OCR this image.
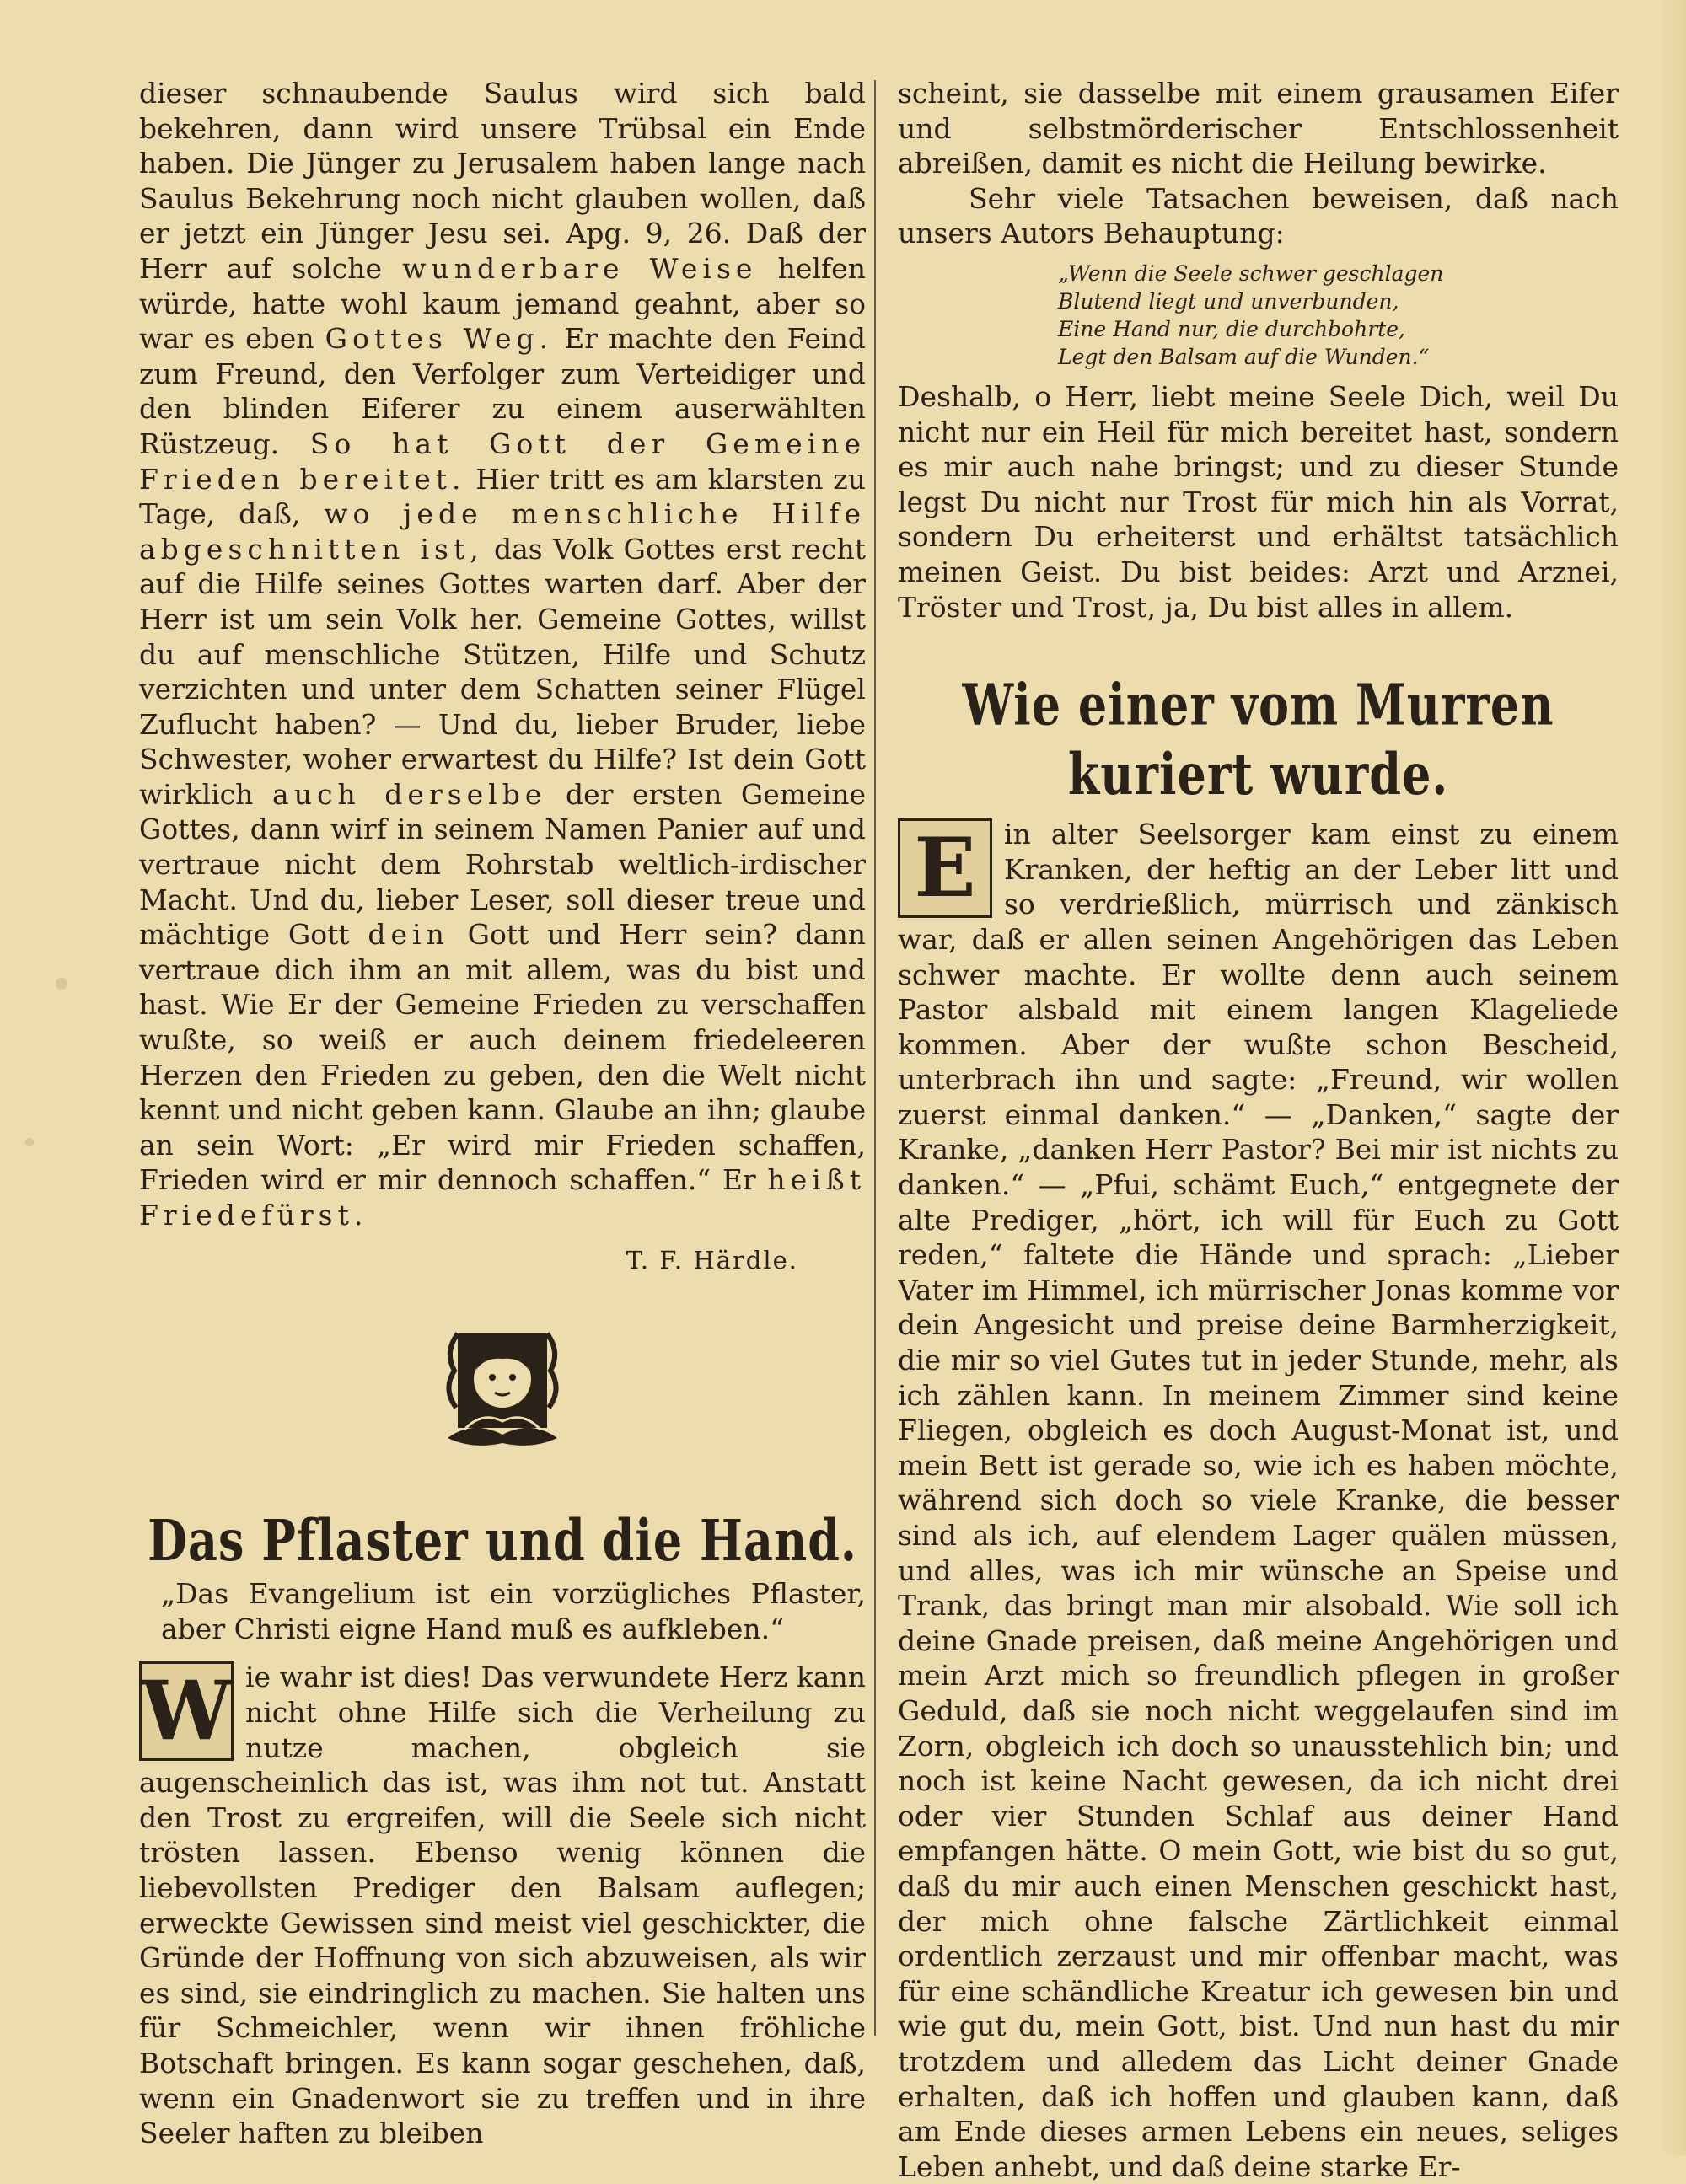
dieser schnaubende Saulus wird sich bald bekehren, dann wird unsere Trübsal ein Ende haben. Die Jünger zu Jerusalem haben lange nach Saulus Bekehrung noch nicht glauben wollen, daß er jetzt ein Jünger Jesu sei. Apg. 9, 26. Daß der Herr auf solche wunderbare Weise helfen würde, hatte wohl kaum jemand geahnt, aber so war es eben Gottes Weg. Er machte den Feind zum Freund, den Verfolger zum Verteidiger und den blinden Eiferer zu einem auserwählten Rüstzeug. So hat Gott der Gemeine Frieden bereitet. Hier tritt es am klarsten zu Tage, daß, wo jede menschliche Hilfe abgeschnitten ist, das Volk Gottes erst recht auf die Hilfe seines Gottes warten darf. Aber der Herr ist um sein Volk her. Gemeine Gottes, willst du auf menschliche Stützen, Hilfe und Schutz verzichten und unter dem Schatten seiner Flügel Zuflucht haben? — Und du, lieber Bruder, liebe Schwester, woher erwartest du Hilfe? Ist dein Gott wirklich auch derselbe der ersten Gemeine Gottes, dann wirf in seinem Namen Panier auf und vertraue nicht dem Rohrstab weltlich-irdischer Macht. Und du, lieber Leser, soll dieser treue und mächtige Gott dein Gott und Herr sein? dann vertraue dich ihm an mit allem, was du bist und hast. Wie Er der Gemeine Frieden zu verschaffen wußte, so weiß er auch deinem friedeleeren Herzen den Frieden zu geben, den die Welt nicht kennt und nicht geben kann. Glaube an ihn; glaube an sein Wort: „Er wird mir Frieden schaffen, Frieden wird er mir dennoch schaffen.“ Er heißt Friedefürst.

T. F. Härdle.

Das Pflaster und die Hand.

„Das Evangelium ist ein vorzügliches Pflaster, aber Christi eigne Hand muß es aufkleben.“

W ie wahr ist dies! Das verwundete Herz kann nicht ohne Hilfe sich die Verheilung zu nutze machen, obgleich sie augenscheinlich das ist, was ihm not tut. Anstatt den Trost zu ergreifen, will die Seele sich nicht trösten lassen. Ebenso wenig können die liebevollsten Prediger den Balsam auflegen; erweckte Gewissen sind meist viel geschickter, die Gründe der Hoffnung von sich abzuweisen, als wir es sind, sie eindringlich zu machen. Sie halten uns für Schmeichler, wenn wir ihnen fröhliche Botschaft bringen. Es kann sogar geschehen, daß, wenn ein Gnadenwort sie zu treffen und in ihre Seeler haften zu bleiben

scheint, sie dasselbe mit einem grausamen Eifer und selbstmörderischer Entschlossenheit abreißen, damit es nicht die Heilung bewirke.

Sehr viele Tatsachen beweisen, daß nach unsers Autors Behauptung:

„Wenn die Seele schwer geschlagen
Blutend liegt und unverbunden,
Eine Hand nur, die durchbohrte,
Legt den Balsam auf die Wunden.“

Deshalb, o Herr, liebt meine Seele Dich, weil Du nicht nur ein Heil für mich bereitet hast, sondern es mir auch nahe bringst; und zu dieser Stunde legst Du nicht nur Trost für mich hin als Vorrat, sondern Du erheiterst und erhältst tatsächlich meinen Geist. Du bist beides: Arzt und Arznei, Tröster und Trost, ja, Du bist alles in allem.

Wie einer vom Murren kuriert wurde.

E	in alter Seelsorger kam einst zu einem Kranken, der heftig an der Leber litt und so verdrießlich, mürrisch und zänkisch war, daß er allen seinen Angehörigen das Leben schwer machte. Er wollte denn auch seinem Pastor alsbald mit einem langen Klageliede kommen. Aber der wußte schon Bescheid, unterbrach ihn und sagte: „Freund, wir wollen zuerst einmal danken.“ — „Danken,“ sagte der Kranke, „danken Herr Pastor? Bei mir ist nichts zu danken.“ — „Pfui, schämt Euch,“ entgegnete der alte Prediger, „hört, ich will für Euch zu Gott reden,“ faltete die Hände und sprach: „Lieber Vater im Himmel, ich mürrischer Jonas komme vor dein Angesicht und preise deine Barmherzigkeit, die mir so viel Gutes tut in jeder Stunde, mehr, als ich zählen kann. In meinem Zimmer sind keine Fliegen, obgleich es doch August-Monat ist, und mein Bett ist gerade so, wie ich es haben möchte, während sich doch so viele Kranke, die besser sind als ich, auf elendem Lager quälen müssen, und alles, was ich mir wünsche an Speise und Trank, das bringt man mir alsobald. Wie soll ich deine Gnade preisen, daß meine Angehörigen und mein Arzt mich so freundlich pflegen in großer Geduld, daß sie noch nicht weggelaufen sind im Zorn, obgleich ich doch so unausstehlich bin; und noch ist keine Nacht gewesen, da ich nicht drei oder vier Stunden Schlaf aus deiner Hand empfangen hätte. O mein Gott, wie bist du so gut, daß du mir auch einen Menschen geschickt hast, der mich ohne falsche Zärtlichkeit einmal ordentlich zerzaust und mir offenbar macht, was für eine schändliche Kreatur ich gewesen bin und wie gut du, mein Gott, bist. Und nun hast du mir trotzdem und alledem das Licht deiner Gnade erhalten, daß ich hoffen und glauben kann, daß am Ende dieses armen Lebens ein neues, seliges Leben anhebt, und daß deine starke Er-
